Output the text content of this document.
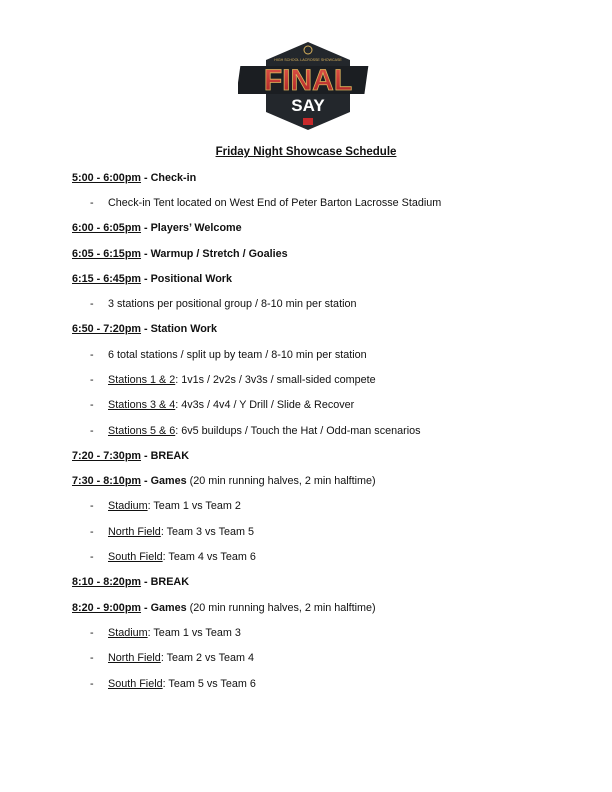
HIGH SCHOOL LACROSSE SHOWCASE
FINAL
SAY
Friday Night Showcase Schedule
5:00 - 6:00pm - Check-in
- Check-in Tent located on West End of Peter Barton Lacrosse Stadium
6:00 - 6:05pm - Players’ Welcome
6:05 - 6:15pm - Warmup / Stretch / Goalies
6:15 - 6:45pm - Positional Work
- 3 stations per positional group / 8-10 min per station
6:50 - 7:20pm - Station Work
- 6 total stations / split up by team / 8-10 min per station
- Stations 1 & 2: 1v1s / 2v2s / 3v3s / small-sided compete
- Stations 3 & 4: 4v3s / 4v4 / Y Drill / Slide & Recover
- Stations 5 & 6: 6v5 buildups / Touch the Hat / Odd-man scenarios
7:20 - 7:30pm - BREAK
7:30 - 8:10pm - Games (20 min running halves, 2 min halftime)
- Stadium: Team 1 vs Team 2
- North Field: Team 3 vs Team 5
- South Field: Team 4 vs Team 6
8:10 - 8:20pm - BREAK
8:20 - 9:00pm - Games (20 min running halves, 2 min halftime)
- Stadium: Team 1 vs Team 3
- North Field: Team 2 vs Team 4
- South Field: Team 5 vs Team 6
